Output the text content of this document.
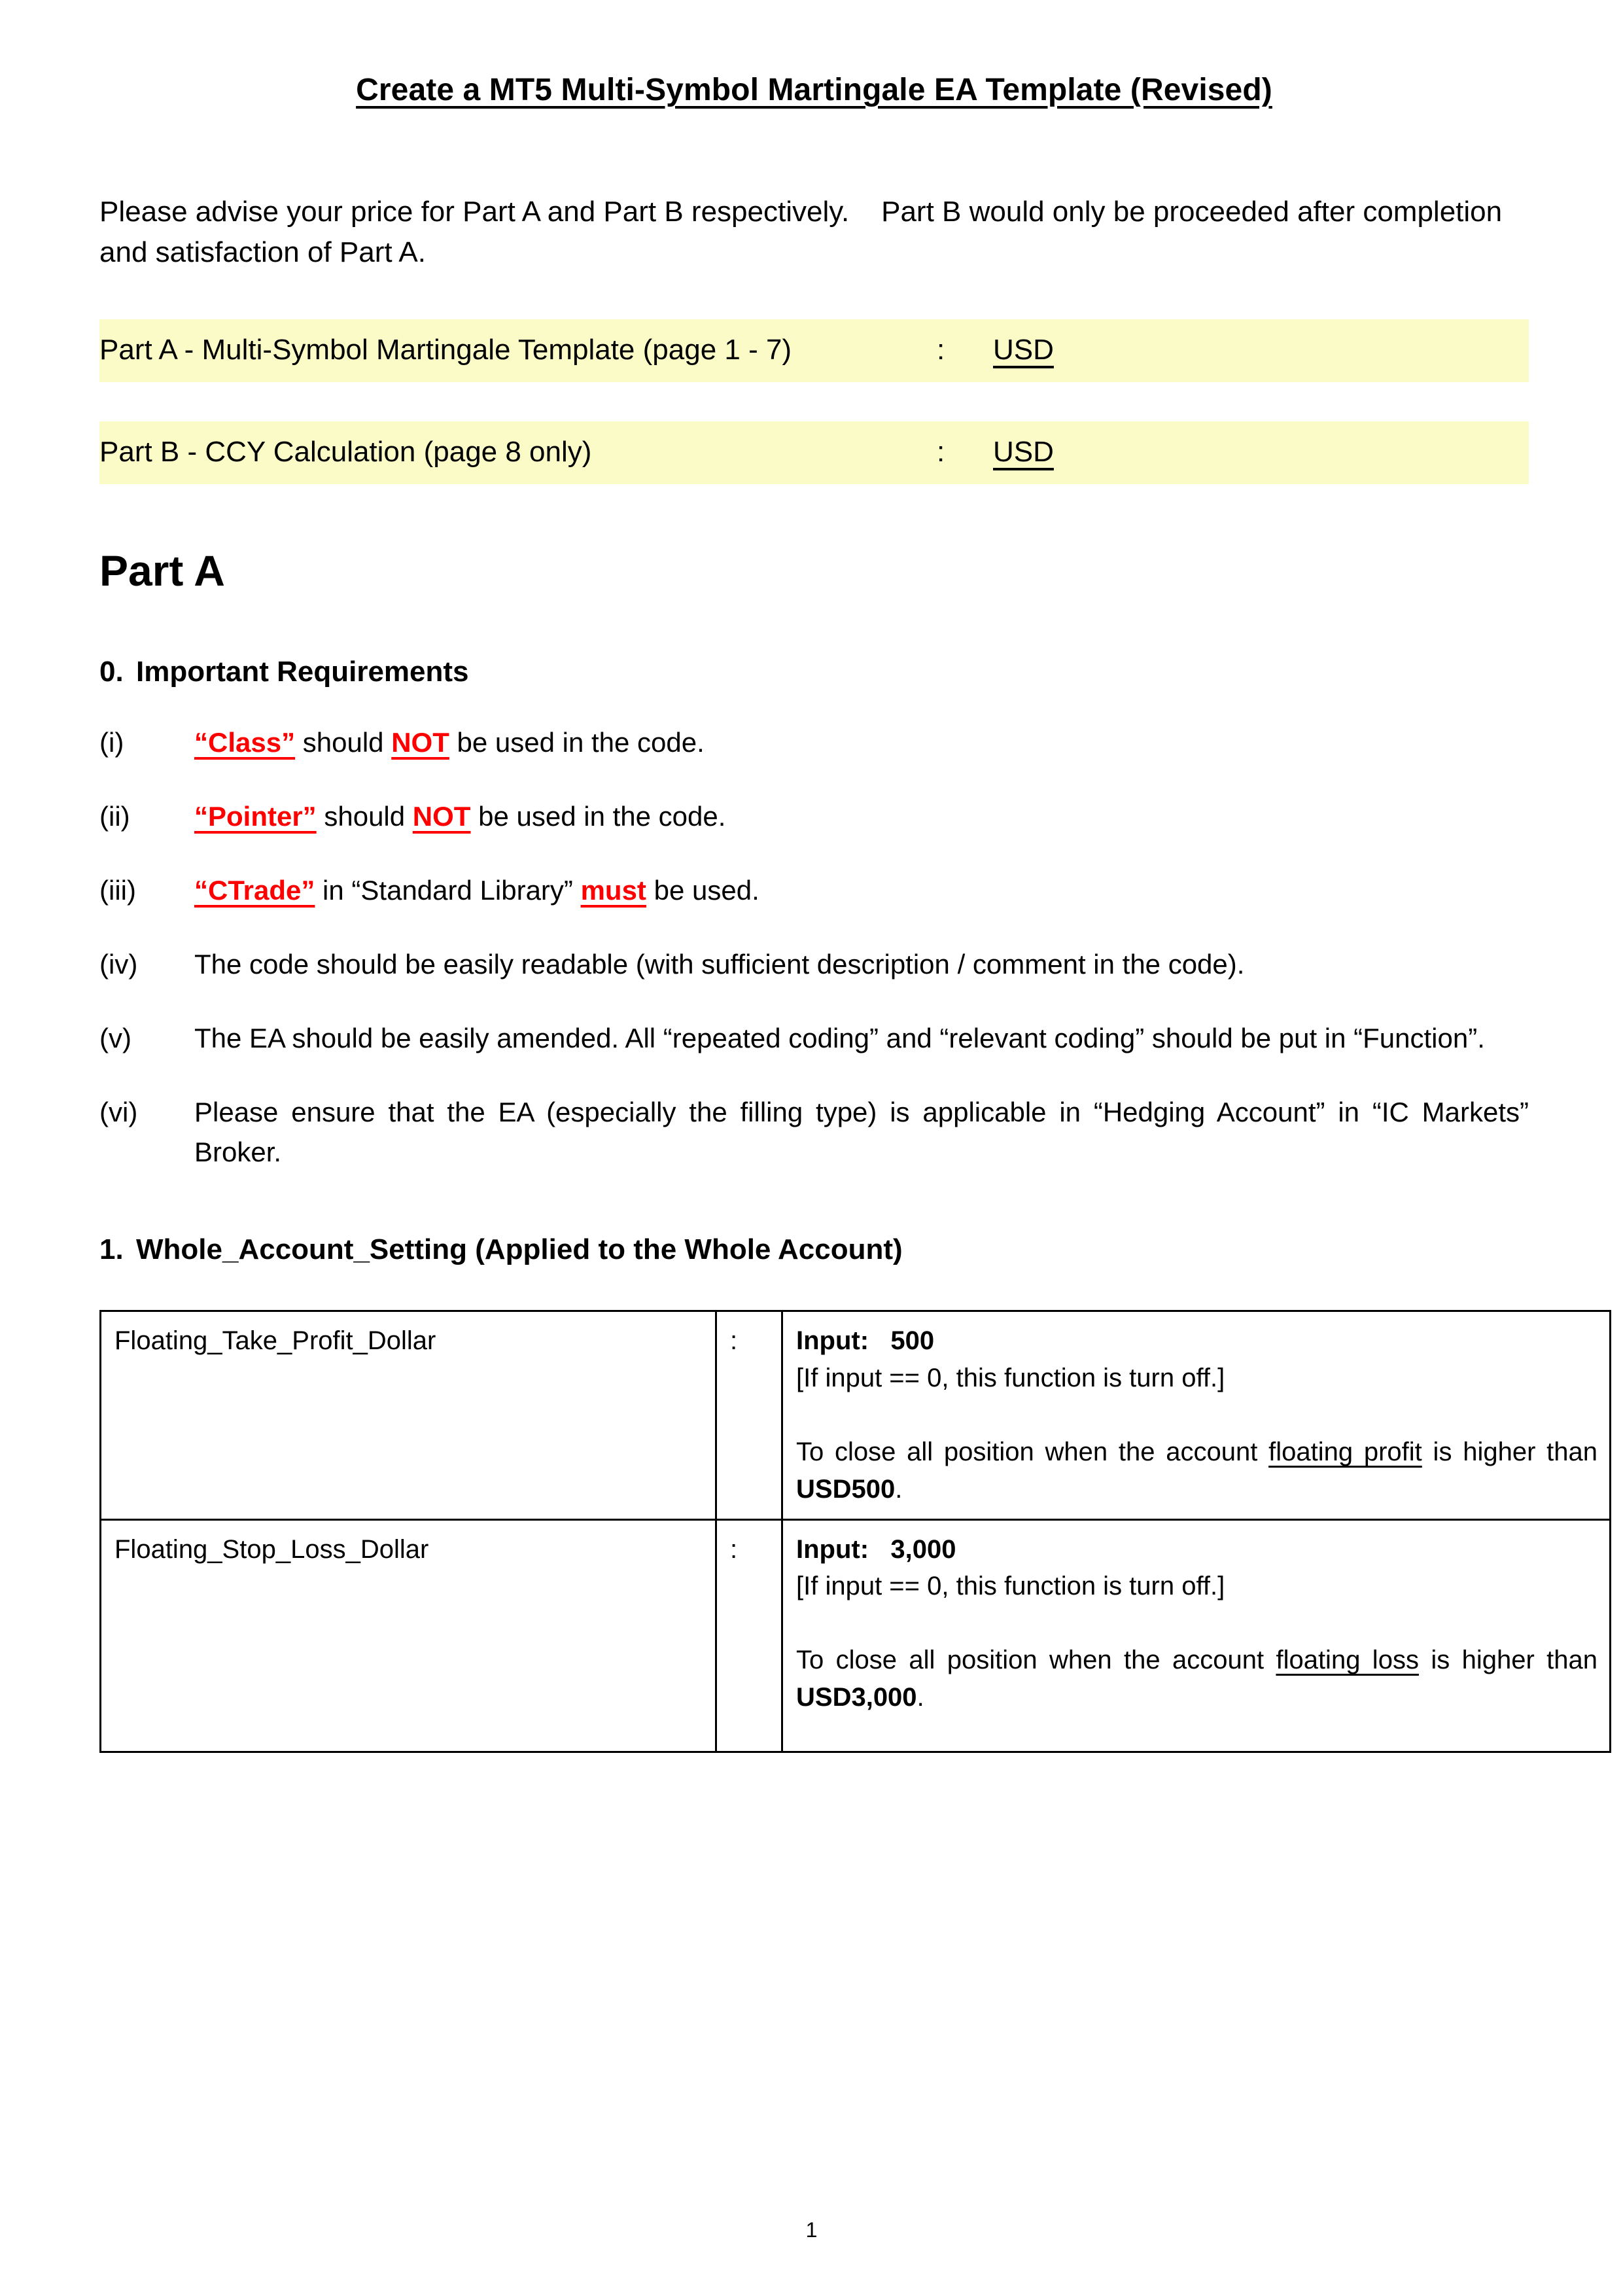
Create a MT5 Multi-Symbol Martingale EA Template (Revised)

Please advise your price for Part A and Part B respectively. Part B would only be proceeded after completion and satisfaction of Part A.

Part A - Multi-Symbol Martingale Template (page 1 - 7)	: USD
Part B - CCY Calculation (page 8 only)	: USD
Part A
0. Important Requirements
(i)	“Class” should NOT be used in the code.
(ii)	“Pointer” should NOT be used in the code.
(iii)	“CTrade” in “Standard Library” must be used.
(iv)	The code should be easily readable (with sufficient description / comment in the code).
(v)	The EA should be easily amended. All “repeated coding” and “relevant coding” should be put in “Function”.
(vi)	Please ensure that the EA (especially the filling type) is applicable in “Hedging Account” in “IC Markets” Broker.
1. Whole_Account_Setting (Applied to the Whole Account)
Floating_Take_Profit_Dollar	:	Input: 500
[If input == 0, this function is turn off.]
To close all position when the account floating profit is higher than USD500.

Floating_Stop_Loss_Dollar	:	Input: 3,000
[If input == 0, this function is turn off.]
To close all position when the account floating loss is higher than USD3,000.
1
